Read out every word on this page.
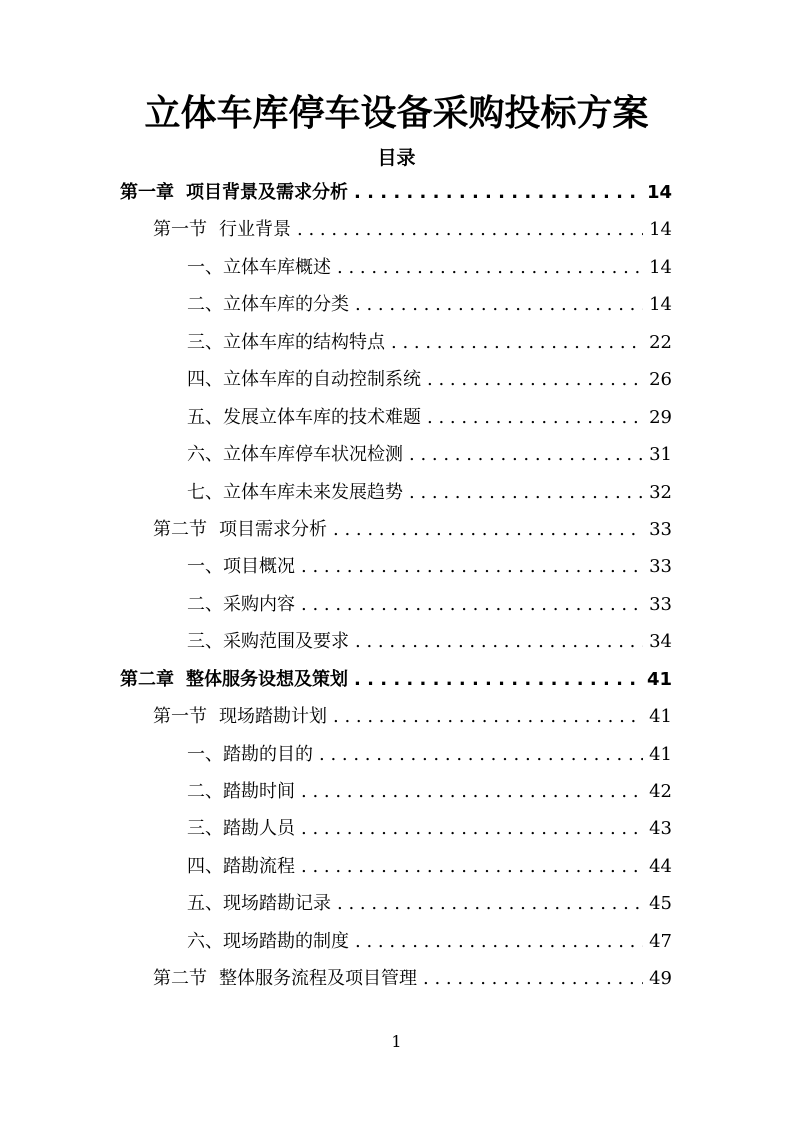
立体车库停车设备采购投标方案
目录
第一章 项目背景及需求分析 . . .	14
第一节 行业背景 . . .	14
一、立体车库概述 . . .	14
二、立体车库的分类 . . .	14
三、立体车库的结构特点 . . .	22
四、立体车库的自动控制系统 . . .	26
五、发展立体车库的技术难题 . . .	29
六、立体车库停车状况检测 . . .	31
七、立体车库未来发展趋势 . . .	32
第二节 项目需求分析 . . .	33
一、项目概况 . . .	33
二、采购内容 . . .	33
三、采购范围及要求 . . .	34
第二章 整体服务设想及策划 . . .	41
第一节 现场踏勘计划 . . .	41
一、踏勘的目的 . . .	41
二、踏勘时间 . . .	42
三、踏勘人员 . . .	43
四、踏勘流程 . . .	44
五、现场踏勘记录 . . .	45
六、现场踏勘的制度 . . .	47
第二节 整体服务流程及项目管理 . . .	49
1
